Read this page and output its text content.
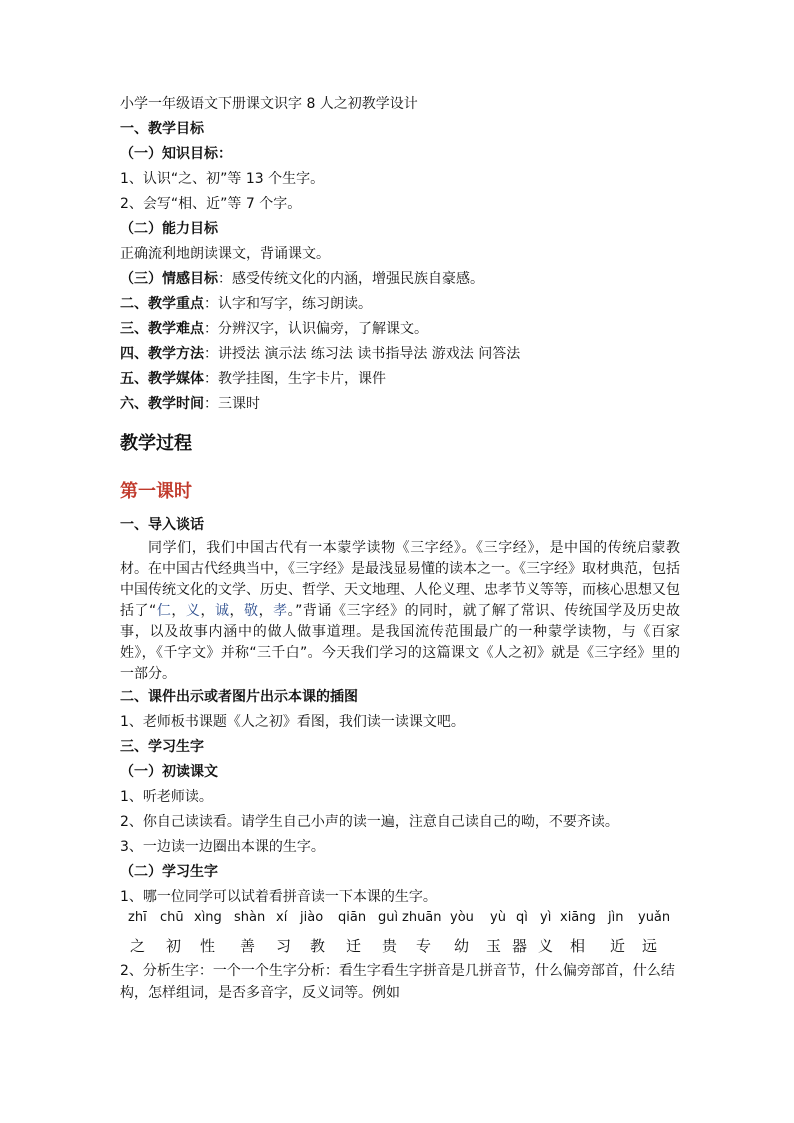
小学一年级语文下册课文识字 8 人之初教学设计
一、教学目标
（一）知识目标：
1、认识“之、初”等 13 个生字。
2、会写“相、近”等 7 个字。
（二）能力目标
正确流利地朗读课文，背诵课文。
（三）情感目标：感受传统文化的内涵，增强民族自豪感。
二、教学重点：认字和写字，练习朗读。
三、教学难点：分辨汉字，认识偏旁，了解课文。
四、教学方法：讲授法 演示法 练习法 读书指导法 游戏法 问答法
五、教学媒体：教学挂图，生字卡片，课件
六、教学时间：三课时
教学过程
第一课时
一、导入谈话
同学们，我们中国古代有一本蒙学读物《三字经》。《三字经》，是中国的传统启蒙教材。在中国古代经典当中，《三字经》是最浅显易懂的读本之一。《三字经》取材典范，包括中国传统文化的文学、历史、哲学、天文地理、人伦义理、忠孝节义等等，而核心思想又包括了“仁，义，诚，敬，孝。”背诵《三字经》的同时，就了解了常识、传统国学及历史故事，以及故事内涵中的做人做事道理。是我国流传范围最广的一种蒙学读物，与《百家姓》，《千字文》并称“三千白”。今天我们学习的这篇课文《人之初》就是《三字经》里的一部分。
二、课件出示或者图片出示本课的插图
1、老师板书课题《人之初》看图，我们读一读课文吧。
三、学习生字
（一）初读课文
1、听老师读。
2、你自己读读看。请学生自己小声的读一遍，注意自己读自己的呦，不要齐读。
3、一边读一边圈出本课的生字。
（二）学习生字
1、哪一位同学可以试着看拼音读一下本课的生字。
zhī chū xìng shàn xí jiào qiān guì zhuān yòu yù qì yì xiāng jìn yuǎn
之 初 性 善 习 教 迁 贵 专 幼 玉 器 义 相 近 远
2、分析生字：一个一个生字分析：看生字看生字拼音是几拼音节，什么偏旁部首，什么结构，怎样组词，是否多音字，反义词等。例如
